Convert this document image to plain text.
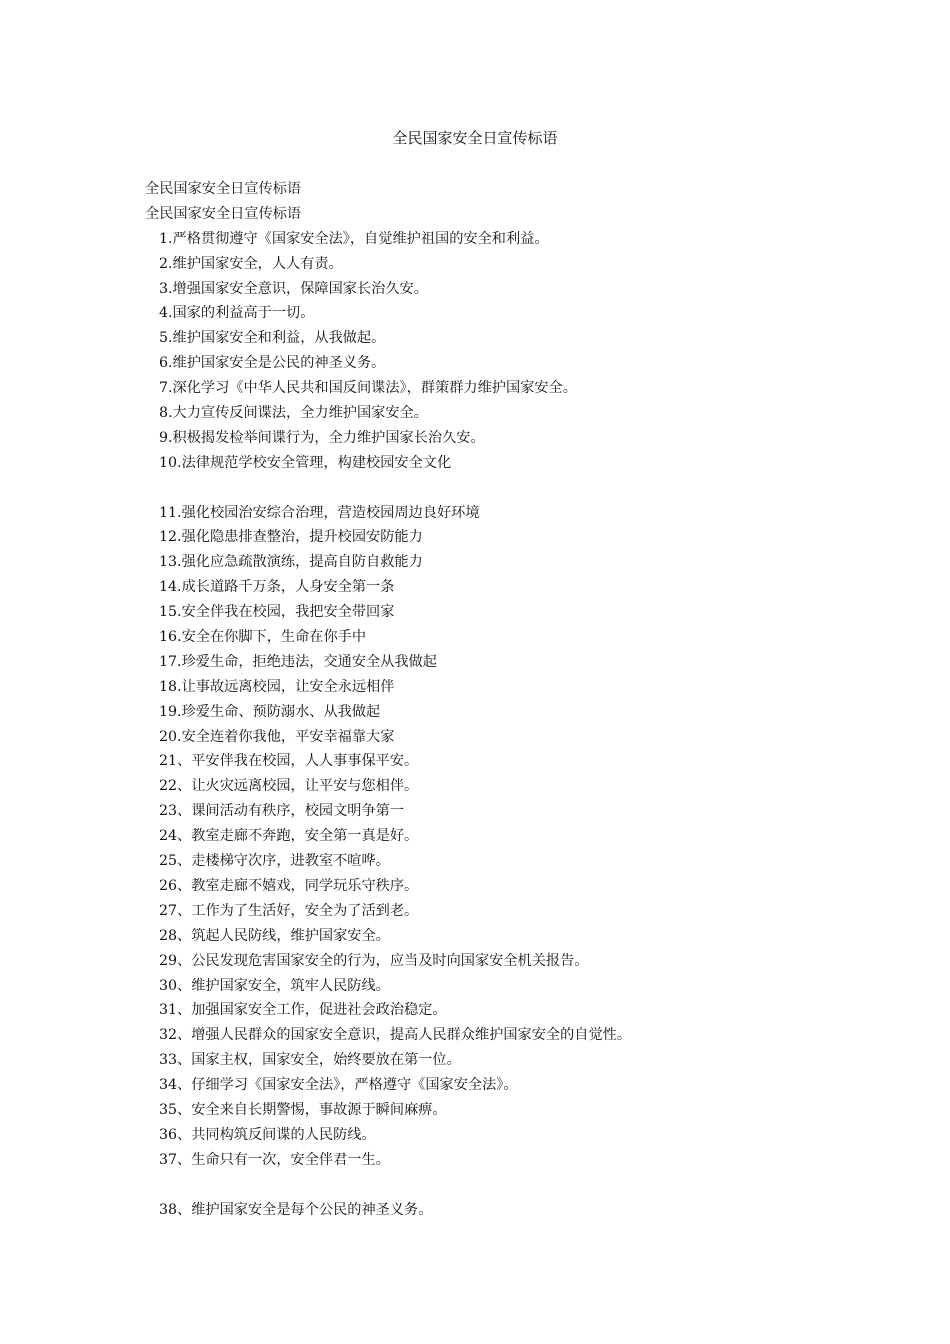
全民国家安全日宣传标语
全民国家安全日宣传标语
全民国家安全日宣传标语
1.严格贯彻遵守《国家安全法》，自觉维护祖国的安全和利益。
2.维护国家安全，人人有责。
3.增强国家安全意识，保障国家长治久安。
4.国家的利益高于一切。
5.维护国家安全和利益，从我做起。
6.维护国家安全是公民的神圣义务。
7.深化学习《中华人民共和国反间谍法》，群策群力维护国家安全。
8.大力宣传反间谍法，全力维护国家安全。
9.积极揭发检举间谍行为，全力维护国家长治久安。
10.法律规范学校安全管理，构建校园安全文化
11.强化校园治安综合治理，营造校园周边良好环境
12.强化隐患排查整治，提升校园安防能力
13.强化应急疏散演练，提高自防自救能力
14.成长道路千万条，人身安全第一条
15.安全伴我在校园，我把安全带回家
16.安全在你脚下，生命在你手中
17.珍爱生命，拒绝违法，交通安全从我做起
18.让事故远离校园，让安全永远相伴
19.珍爱生命、预防溺水、从我做起
20.安全连着你我他，平安幸福靠大家
21、平安伴我在校园，人人事事保平安。
22、让火灾远离校园，让平安与您相伴。
23、课间活动有秩序，校园文明争第一
24、教室走廊不奔跑，安全第一真是好。
25、走楼梯守次序，进教室不喧哗。
26、教室走廊不嬉戏，同学玩乐守秩序。
27、工作为了生活好，安全为了活到老。
28、筑起人民防线，维护国家安全。
29、公民发现危害国家安全的行为，应当及时向国家安全机关报告。
30、维护国家安全，筑牢人民防线。
31、加强国家安全工作，促进社会政治稳定。
32、增强人民群众的国家安全意识，提高人民群众维护国家安全的自觉性。
33、国家主权，国家安全，始终要放在第一位。
34、仔细学习《国家安全法》，严格遵守《国家安全法》。
35、安全来自长期警惕，事故源于瞬间麻痹。
36、共同构筑反间谍的人民防线。
37、生命只有一次，安全伴君一生。
38、维护国家安全是每个公民的神圣义务。
